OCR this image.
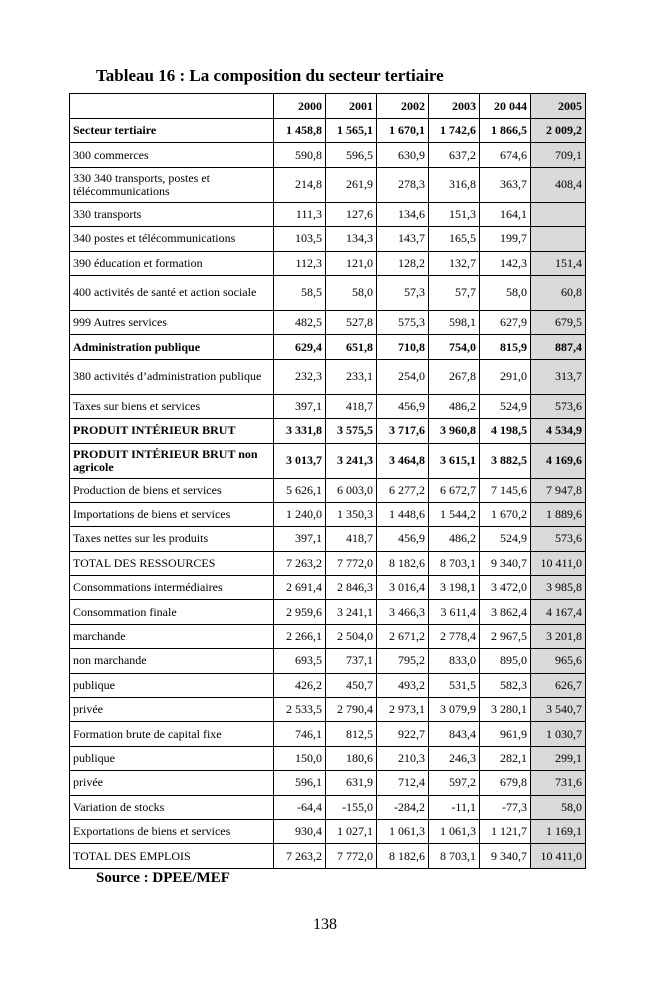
Tableau 16 : La composition du secteur tertiaire
	2000	2001	2002	2003	20 044	2005
Secteur tertiaire	1 458,8	1 565,1	1 670,1	1 742,6	1 866,5	2 009,2
300 commerces	590,8	596,5	630,9	637,2	674,6	709,1
330 340 transports, postes et télécommunications	214,8	261,9	278,3	316,8	363,7	408,4
330 transports	111,3	127,6	134,6	151,3	164,1	
340 postes et télécommunications	103,5	134,3	143,7	165,5	199,7	
390 éducation et formation	112,3	121,0	128,2	132,7	142,3	151,4
400 activités de santé et action sociale	58,5	58,0	57,3	57,7	58,0	60,8
999 Autres services	482,5	527,8	575,3	598,1	627,9	679,5
Administration publique	629,4	651,8	710,8	754,0	815,9	887,4
380 activités d’administration publique	232,3	233,1	254,0	267,8	291,0	313,7
Taxes sur biens et services	397,1	418,7	456,9	486,2	524,9	573,6
PRODUIT INTÉRIEUR BRUT	3 331,8	3 575,5	3 717,6	3 960,8	4 198,5	4 534,9
PRODUIT INTÉRIEUR BRUT non agricole	3 013,7	3 241,3	3 464,8	3 615,1	3 882,5	4 169,6
Production de biens et services	5 626,1	6 003,0	6 277,2	6 672,7	7 145,6	7 947,8
Importations de biens et services	1 240,0	1 350,3	1 448,6	1 544,2	1 670,2	1 889,6
Taxes nettes sur les produits	397,1	418,7	456,9	486,2	524,9	573,6
TOTAL DES RESSOURCES	7 263,2	7 772,0	8 182,6	8 703,1	9 340,7	10 411,0
Consommations intermédiaires	2 691,4	2 846,3	3 016,4	3 198,1	3 472,0	3 985,8
Consommation finale	2 959,6	3 241,1	3 466,3	3 611,4	3 862,4	4 167,4
marchande	2 266,1	2 504,0	2 671,2	2 778,4	2 967,5	3 201,8
non marchande	693,5	737,1	795,2	833,0	895,0	965,6
publique	426,2	450,7	493,2	531,5	582,3	626,7
privée	2 533,5	2 790,4	2 973,1	3 079,9	3 280,1	3 540,7
Formation brute de capital fixe	746,1	812,5	922,7	843,4	961,9	1 030,7
publique	150,0	180,6	210,3	246,3	282,1	299,1
privée	596,1	631,9	712,4	597,2	679,8	731,6
Variation de stocks	-64,4	-155,0	-284,2	-11,1	-77,3	58,0
Exportations de biens et services	930,4	1 027,1	1 061,3	1 061,3	1 121,7	1 169,1
TOTAL DES EMPLOIS	7 263,2	7 772,0	8 182,6	8 703,1	9 340,7	10 411,0
Source : DPEE/MEF
138
